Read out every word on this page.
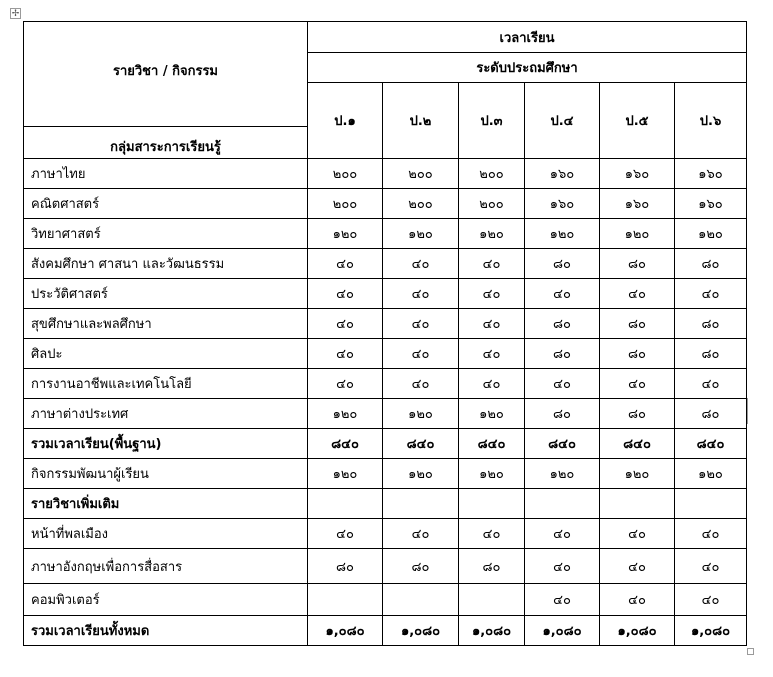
✢
รายวิชา / กิจกรรม
กลุ่มสาระการเรียนรู้	เวลาเรียน					
	ระดับประถมศึกษา					
	ป.๑	ป.๒	ป.๓	ป.๔	ป.๕	ป.๖
ภาษาไทย	๒๐๐	๒๐๐	๒๐๐	๑๖๐	๑๖๐	๑๖๐
คณิตศาสตร์	๒๐๐	๒๐๐	๒๐๐	๑๖๐	๑๖๐	๑๖๐
วิทยาศาสตร์	๑๒๐	๑๒๐	๑๒๐	๑๒๐	๑๒๐	๑๒๐
สังคมศึกษา ศาสนา และวัฒนธรรม	๔๐	๔๐	๔๐	๘๐	๘๐	๘๐
ประวัติศาสตร์	๔๐	๔๐	๔๐	๔๐	๔๐	๔๐
สุขศึกษาและพลศึกษา	๔๐	๔๐	๔๐	๘๐	๘๐	๘๐
ศิลปะ	๔๐	๔๐	๔๐	๘๐	๘๐	๘๐
การงานอาชีพและเทคโนโลยี	๔๐	๔๐	๔๐	๔๐	๔๐	๔๐
ภาษาต่างประเทศ	๑๒๐	๑๒๐	๑๒๐	๘๐	๘๐	๘๐
รวมเวลาเรียน(พื้นฐาน)	๘๔๐	๘๔๐	๘๔๐	๘๔๐	๘๔๐	๘๔๐
กิจกรรมพัฒนาผู้เรียน	๑๒๐	๑๒๐	๑๒๐	๑๒๐	๑๒๐	๑๒๐
รายวิชาเพิ่มเติม						
หน้าที่พลเมือง	๔๐	๔๐	๔๐	๔๐	๔๐	๔๐
ภาษาอังกฤษเพื่อการสื่อสาร	๘๐	๘๐	๘๐	๔๐	๔๐	๔๐
คอมพิวเตอร์				๔๐	๔๐	๔๐
รวมเวลาเรียนทั้งหมด	๑,๐๘๐	๑,๐๘๐	๑,๐๘๐	๑,๐๘๐	๑,๐๘๐	๑,๐๘๐
